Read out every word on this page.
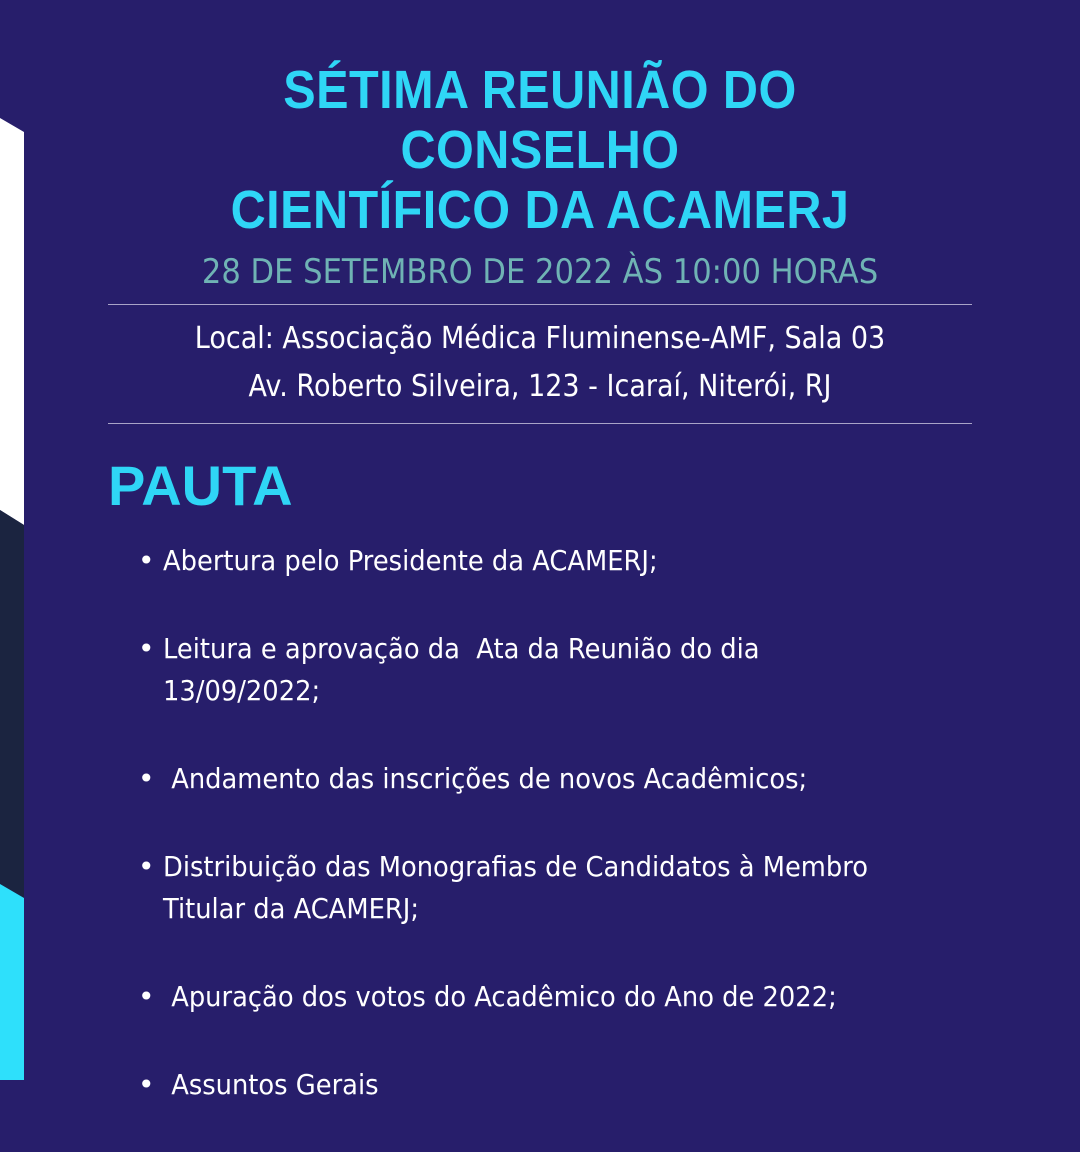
SÉTIMA REUNIÃO DO CONSELHO
CIENTÍFICO DA ACAMERJ
28 DE SETEMBRO DE 2022 ÀS 10:00 HORAS
Local: Associação Médica Fluminense-AMF, Sala 03
Av. Roberto Silveira, 123 - Icaraí, Niterói, RJ
PAUTA
• Abertura pelo Presidente da ACAMERJ;
• Leitura e aprovação da  Ata da Reunião do dia
13/09/2022;
• Andamento das inscrições de novos Acadêmicos;
• Distribuição das Monografias de Candidatos à Membro
Titular da ACAMERJ;
• Apuração dos votos do Acadêmico do Ano de 2022;
• Assuntos Gerais
